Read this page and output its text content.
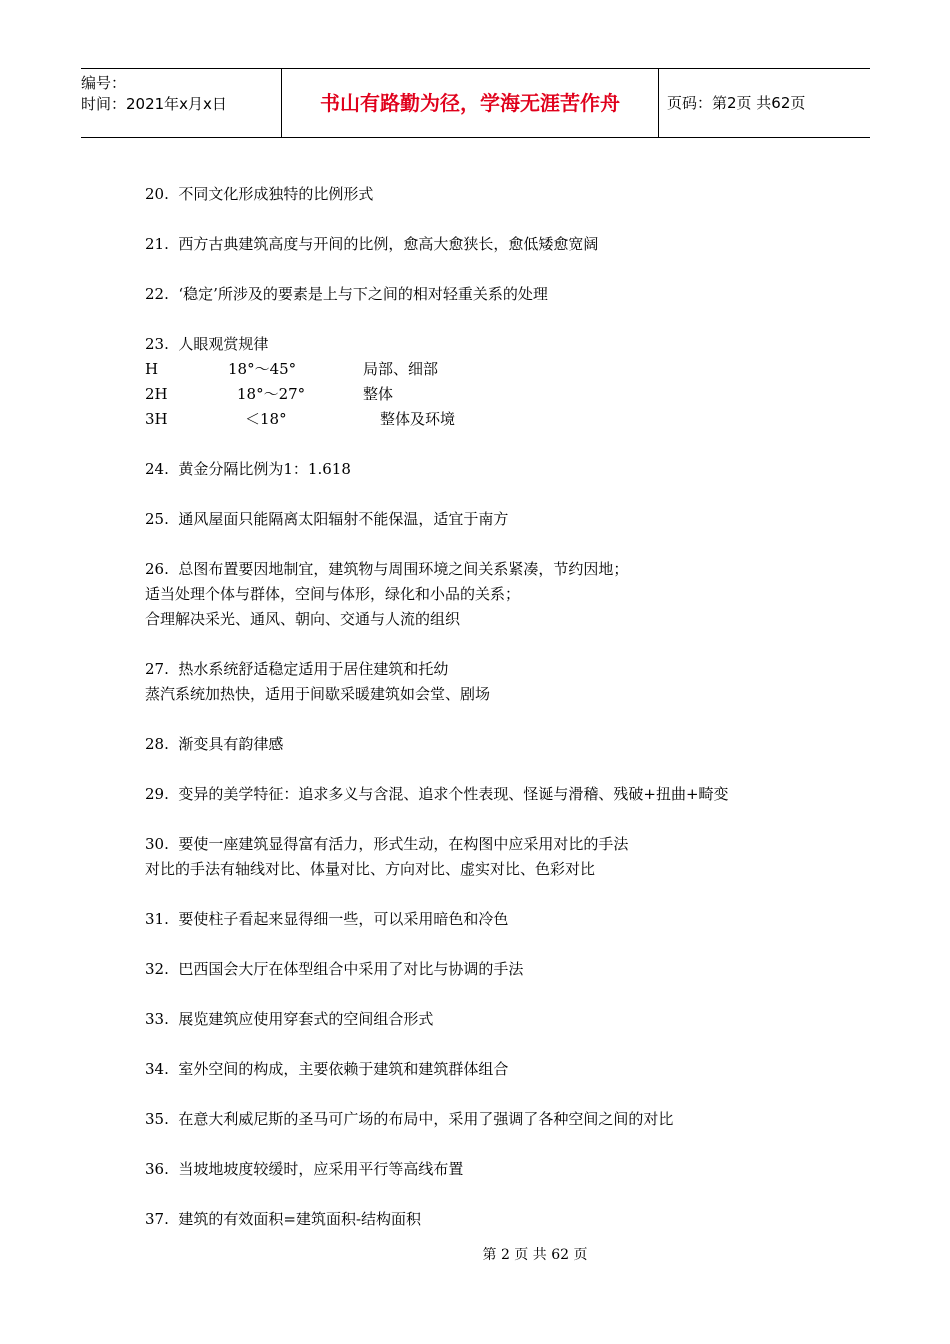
编号：
时间：2021年x月x日	书山有路勤为径，学海无涯苦作舟	页码：第2页 共62页
20.  不同文化形成独特的比例形式
21.  西方古典建筑高度与开间的比例，愈高大愈狭长，愈低矮愈宽阔
22.  ‘稳定’所涉及的要素是上与下之间的相对轻重关系的处理
23.  人眼观赏规律
H	18°～45°	局部、细部
2H	18°～27°	整体
3H	＜18°	整体及环境
24.  黄金分隔比例为1：1.618
25.  通风屋面只能隔离太阳辐射不能保温，适宜于南方
26.  总图布置要因地制宜，建筑物与周围环境之间关系紧凑，节约因地；
适当处理个体与群体，空间与体形，绿化和小品的关系；
合理解决采光、通风、朝向、交通与人流的组织
27.  热水系统舒适稳定适用于居住建筑和托幼
蒸汽系统加热快，适用于间歇采暖建筑如会堂、剧场
28.  渐变具有韵律感
29.  变异的美学特征：追求多义与含混、追求个性表现、怪诞与滑稽、残破+扭曲+畸变
30.  要使一座建筑显得富有活力，形式生动，在构图中应采用对比的手法
对比的手法有轴线对比、体量对比、方向对比、虚实对比、色彩对比
31.  要使柱子看起来显得细一些，可以采用暗色和冷色
32.  巴西国会大厅在体型组合中采用了对比与协调的手法
33.  展览建筑应使用穿套式的空间组合形式
34.  室外空间的构成，主要依赖于建筑和建筑群体组合
35.  在意大利威尼斯的圣马可广场的布局中，采用了强调了各种空间之间的对比
36.  当坡地坡度较缓时，应采用平行等高线布置
37.  建筑的有效面积=建筑面积-结构面积
第 2 页 共 62 页
